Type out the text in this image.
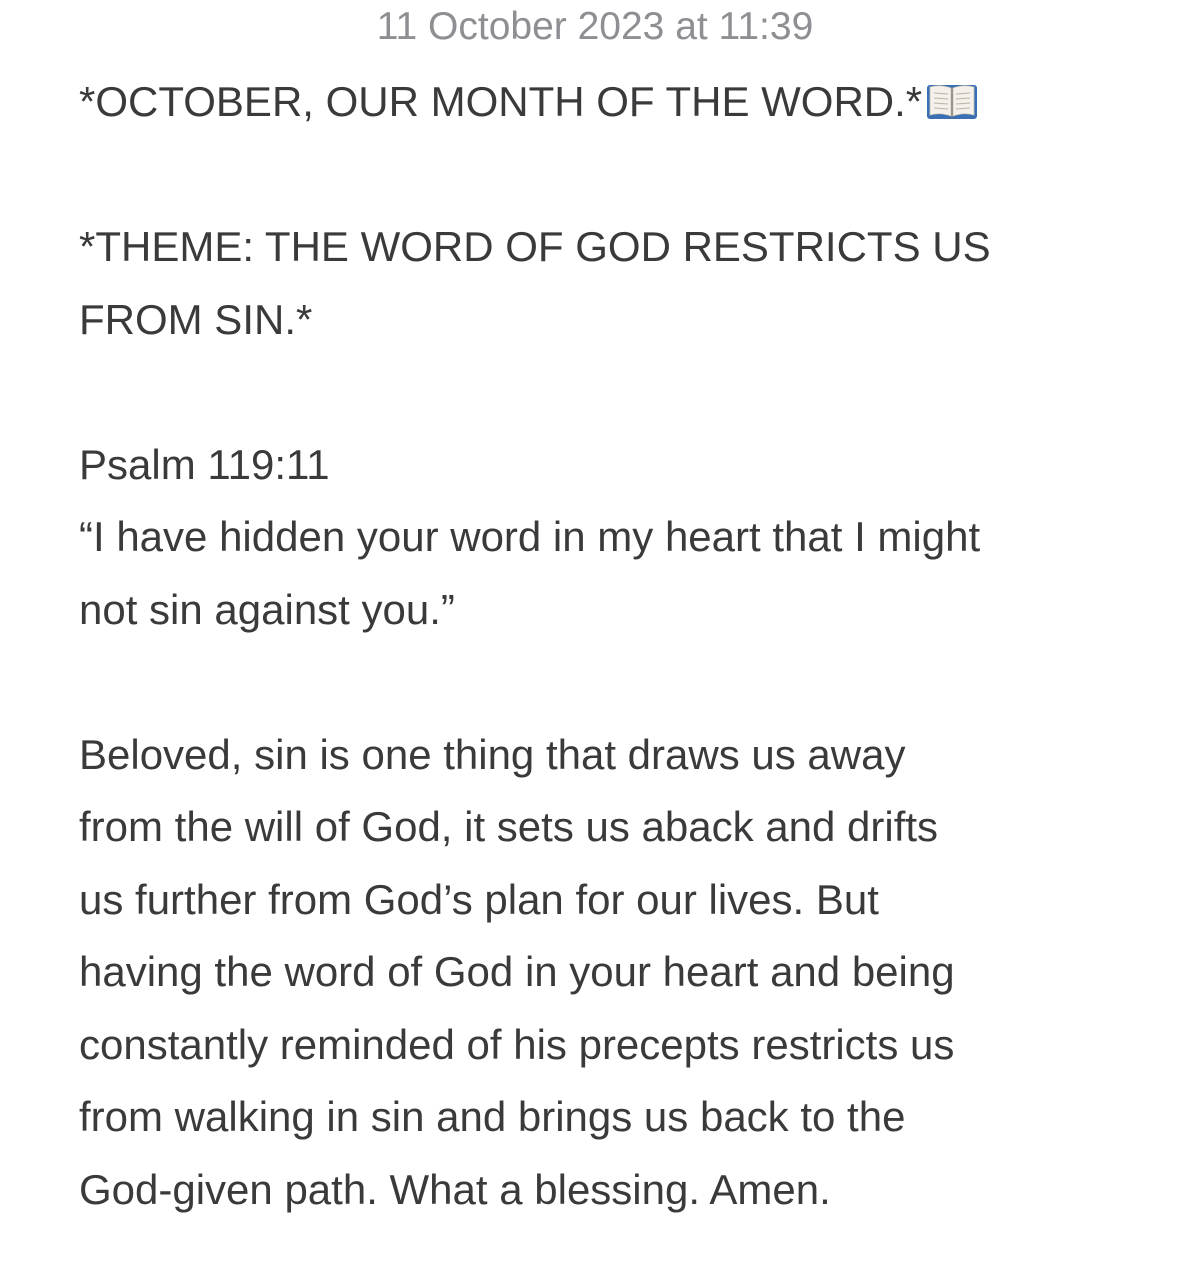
11 October 2023 at 11:39

*OCTOBER, OUR MONTH OF THE WORD.*

*THEME: THE WORD OF GOD RESTRICTS US

FROM SIN.*

Psalm 119:11

“I have hidden your word in my heart that I might

not sin against you.”

Beloved, sin is one thing that draws us away

from the will of God, it sets us aback and drifts

us further from God’s plan for our lives. But

having the word of God in your heart and being

constantly reminded of his precepts restricts us

from walking in sin and brings us back to the

God-given path. What a blessing. Amen.
